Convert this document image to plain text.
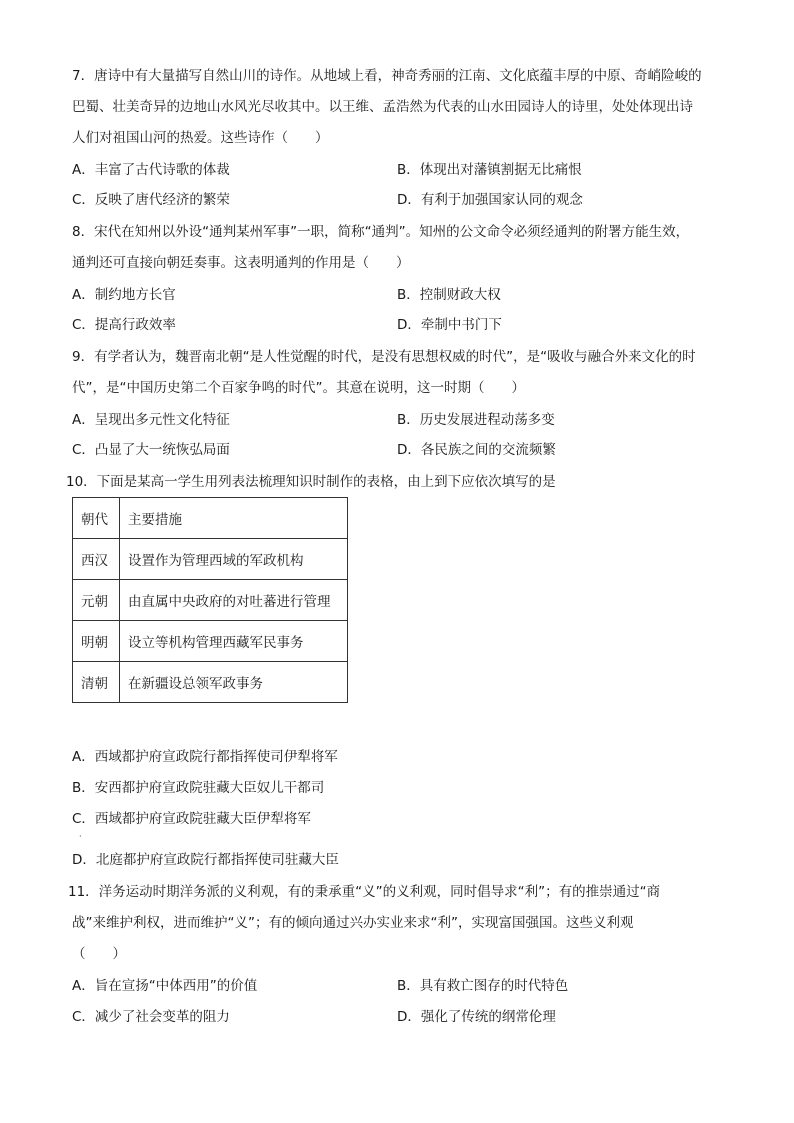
7．唐诗中有大量描写自然山川的诗作。从地域上看，神奇秀丽的江南、文化底蕴丰厚的中原、奇峭险峻的
巴蜀、壮美奇异的边地山水风光尽收其中。以王维、孟浩然为代表的山水田园诗人的诗里，处处体现出诗
人们对祖国山河的热爱。这些诗作（　　）
A．丰富了古代诗歌的体裁	B．体现出对藩镇割据无比痛恨
C．反映了唐代经济的繁荣	D．有利于加强国家认同的观念
8．宋代在知州以外设“通判某州军事”一职，简称“通判”。知州的公文命令必须经通判的附署方能生效，
通判还可直接向朝廷奏事。这表明通判的作用是（　　）
A．制约地方长官	B．控制财政大权
C．提高行政效率	D．牵制中书门下
9．有学者认为，魏晋南北朝“是人性觉醒的时代，是没有思想权威的时代”，是“吸收与融合外来文化的时
代”，是“中国历史第二个百家争鸣的时代”。其意在说明，这一时期（　　）
A．呈现出多元性文化特征	B．历史发展进程动荡多变
C．凸显了大一统恢弘局面	D．各民族之间的交流频繁
10．下面是某高一学生用列表法梳理知识时制作的表格，由上到下应依次填写的是
朝代	主要措施
西汉	设置作为管理西域的军政机构
元朝	由直属中央政府的对吐蕃进行管理
明朝	设立等机构管理西藏军民事务
清朝	在新疆设总领军政事务
A．西域都护府宣政院行都指挥使司伊犁将军
B．安西都护府宣政院驻藏大臣奴儿干都司
C．西域都护府宣政院驻藏大臣伊犁将军
·
D．北庭都护府宣政院行都指挥使司驻藏大臣
11．洋务运动时期洋务派的义利观，有的秉承重“义”的义利观，同时倡导求“利”；有的推崇通过“商
战”来维护利权，进而维护“义”；有的倾向通过兴办实业来求“利”，实现富国强国。这些义利观
（　　）
A．旨在宣扬“中体西用”的价值	B．具有救亡图存的时代特色
C．减少了社会变革的阻力	D．强化了传统的纲常伦理
